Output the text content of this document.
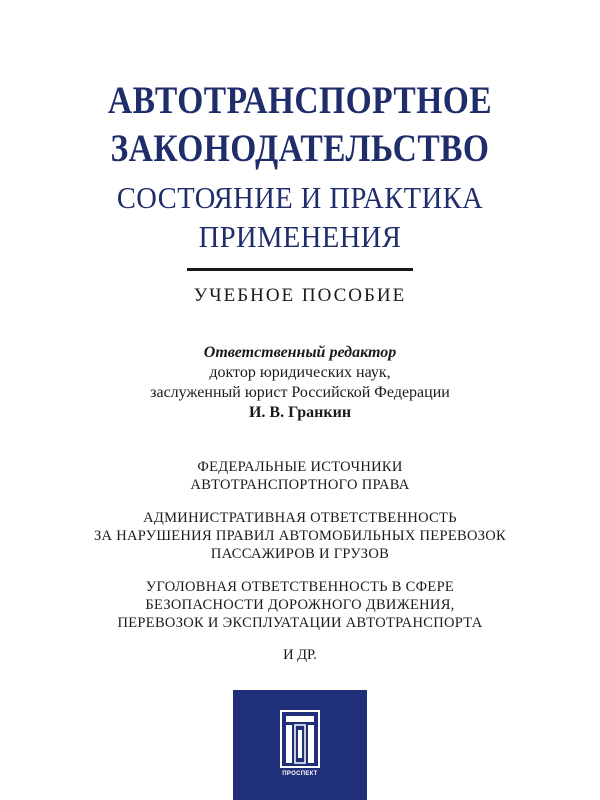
АВТОТРАНСПОРТНОЕ
ЗАКОНОДАТЕЛЬСТВО
СОСТОЯНИЕ И ПРАКТИКА
ПРИМЕНЕНИЯ
УЧЕБНОЕ ПОСОБИЕ
Ответственный редактор
доктор юридических наук,
заслуженный юрист Российской Федерации
И. В. Гранкин
ФЕДЕРАЛЬНЫЕ ИСТОЧНИКИ
АВТОТРАНСПОРТНОГО ПРАВА
АДМИНИСТРАТИВНАЯ ОТВЕТСТВЕННОСТЬ
ЗА НАРУШЕНИЯ ПРАВИЛ АВТОМОБИЛЬНЫХ ПЕРЕВОЗОК
ПАССАЖИРОВ И ГРУЗОВ
УГОЛОВНАЯ ОТВЕТСТВЕННОСТЬ В СФЕРЕ
БЕЗОПАСНОСТИ ДОРОЖНОГО ДВИЖЕНИЯ,
ПЕРЕВОЗОК И ЭКСПЛУАТАЦИИ АВТОТРАНСПОРТА
И ДР.
ПРОСПЕКТ
